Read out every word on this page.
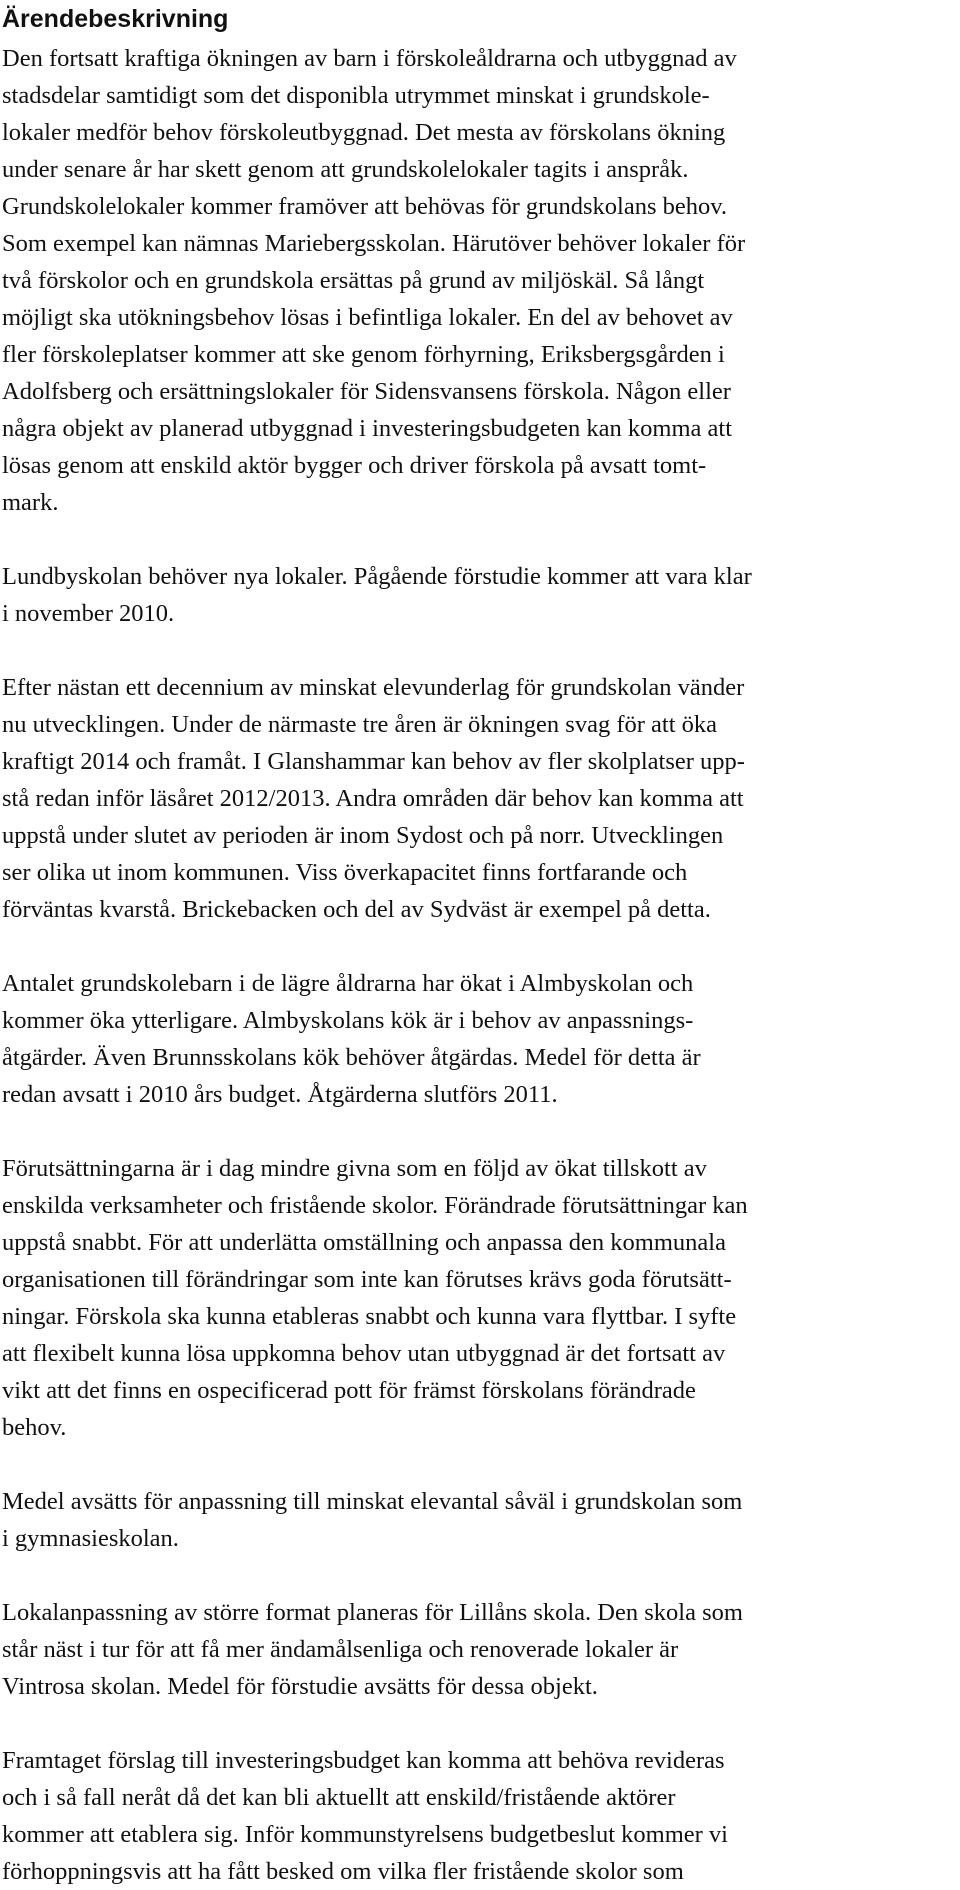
Ärendebeskrivning

Den fortsatt kraftiga ökningen av barn i förskoleåldrarna och utbyggnad av
stadsdelar samtidigt som det disponibla utrymmet minskat i grundskole-
lokaler medför behov förskoleutbyggnad. Det mesta av förskolans ökning
under senare år har skett genom att grundskolelokaler tagits i anspråk.
Grundskolelokaler kommer framöver att behövas för grundskolans behov.
Som exempel kan nämnas Mariebergsskolan. Härutöver behöver lokaler för
två förskolor och en grundskola ersättas på grund av miljöskäl. Så långt
möjligt ska utökningsbehov lösas i befintliga lokaler. En del av behovet av
fler förskoleplatser kommer att ske genom förhyrning, Eriksbergsgården i
Adolfsberg och ersättningslokaler för Sidensvansens förskola. Någon eller
några objekt av planerad utbyggnad i investeringsbudgeten kan komma att
lösas genom att enskild aktör bygger och driver förskola på avsatt tomt-
mark.

Lundbyskolan behöver nya lokaler. Pågående förstudie kommer att vara klar
i november 2010.

Efter nästan ett decennium av minskat elevunderlag för grundskolan vänder
nu utvecklingen. Under de närmaste tre åren är ökningen svag för att öka
kraftigt 2014 och framåt. I Glanshammar kan behov av fler skolplatser upp-
stå redan inför läsåret 2012/2013. Andra områden där behov kan komma att
uppstå under slutet av perioden är inom Sydost och på norr. Utvecklingen
ser olika ut inom kommunen. Viss överkapacitet finns fortfarande och
förväntas kvarstå. Brickebacken och del av Sydväst är exempel på detta.

Antalet grundskolebarn i de lägre åldrarna har ökat i Almbyskolan och
kommer öka ytterligare. Almbyskolans kök är i behov av anpassnings-
åtgärder. Även Brunnsskolans kök behöver åtgärdas. Medel för detta är
redan avsatt i 2010 års budget. Åtgärderna slutförs 2011.

Förutsättningarna är i dag mindre givna som en följd av ökat tillskott av
enskilda verksamheter och fristående skolor. Förändrade förutsättningar kan
uppstå snabbt. För att underlätta omställning och anpassa den kommunala
organisationen till förändringar som inte kan förutses krävs goda förutsätt-
ningar. Förskola ska kunna etableras snabbt och kunna vara flyttbar. I syfte
att flexibelt kunna lösa uppkomna behov utan utbyggnad är det fortsatt av
vikt att det finns en ospecificerad pott för främst förskolans förändrade
behov.

Medel avsätts för anpassning till minskat elevantal såväl i grundskolan som
i gymnasieskolan.

Lokalanpassning av större format planeras för Lillåns skola. Den skola som
står näst i tur för att få mer ändamålsenliga och renoverade lokaler är
Vintrosa skolan. Medel för förstudie avsätts för dessa objekt.

Framtaget förslag till investeringsbudget kan komma att behöva revideras
och i så fall neråt då det kan bli aktuellt att enskild/fristående aktörer
kommer att etablera sig. Inför kommunstyrelsens budgetbeslut kommer vi
förhoppningsvis att ha fått besked om vilka fler fristående skolor som
